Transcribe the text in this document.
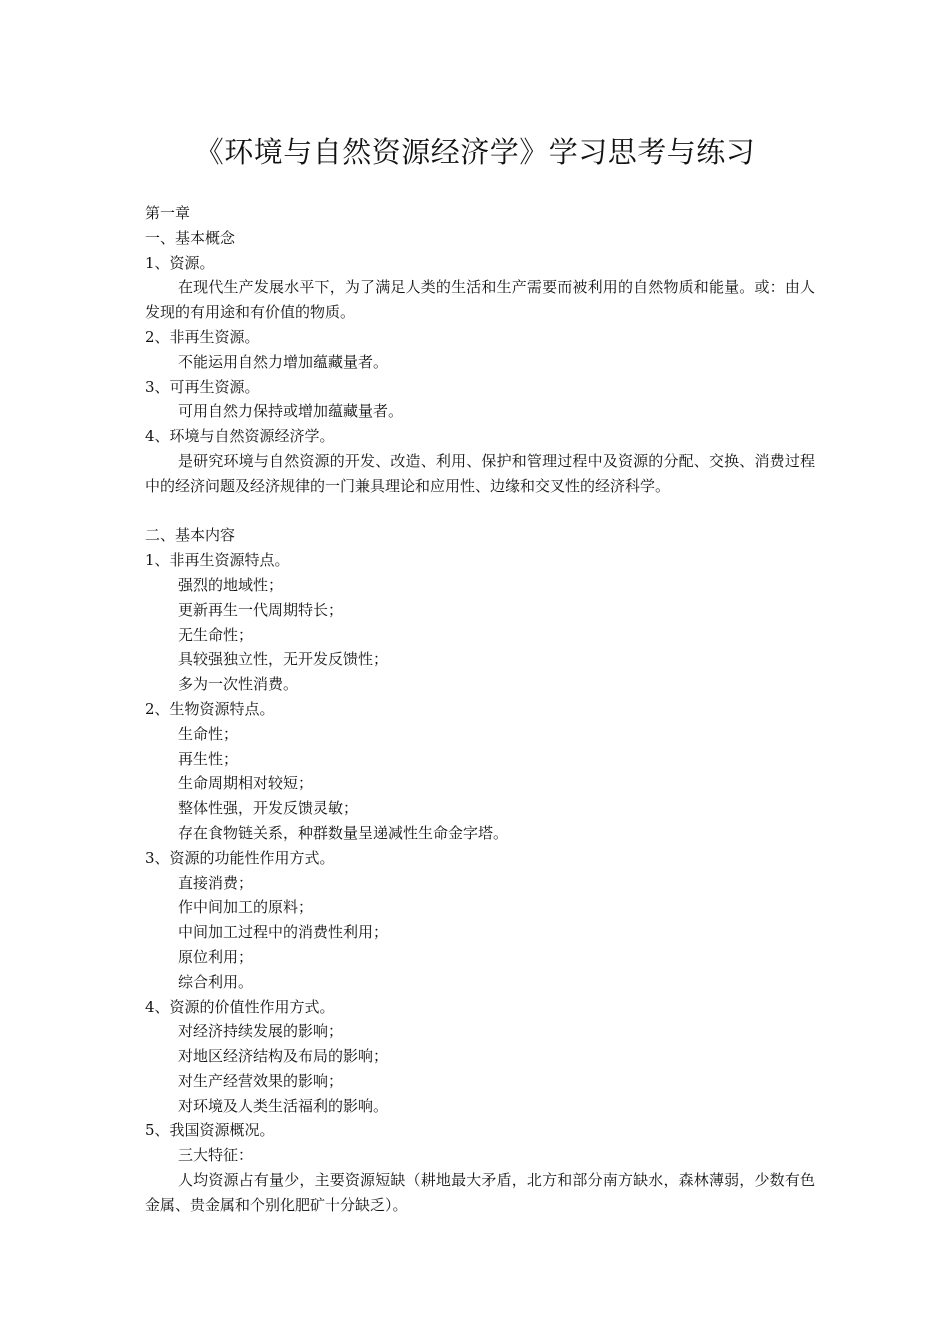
《环境与自然资源经济学》学习思考与练习
第一章
一、基本概念
1、资源。
在现代生产发展水平下，为了满足人类的生活和生产需要而被利用的自然物质和能量。或：由人发现的有用途和有价值的物质。
2、非再生资源。
不能运用自然力增加蕴藏量者。
3、可再生资源。
可用自然力保持或增加蕴藏量者。
4、环境与自然资源经济学。
是研究环境与自然资源的开发、改造、利用、保护和管理过程中及资源的分配、交换、消费过程中的经济问题及经济规律的一门兼具理论和应用性、边缘和交叉性的经济科学。
二、基本内容
1、非再生资源特点。
强烈的地域性；
更新再生一代周期特长；
无生命性；
具较强独立性，无开发反馈性；
多为一次性消费。
2、生物资源特点。
生命性；
再生性；
生命周期相对较短；
整体性强，开发反馈灵敏；
存在食物链关系，种群数量呈递减性生命金字塔。
3、资源的功能性作用方式。
直接消费；
作中间加工的原料；
中间加工过程中的消费性利用；
原位利用；
综合利用。
4、资源的价值性作用方式。
对经济持续发展的影响；
对地区经济结构及布局的影响；
对生产经营效果的影响；
对环境及人类生活福利的影响。
5、我国资源概况。
三大特征：
人均资源占有量少，主要资源短缺（耕地最大矛盾，北方和部分南方缺水，森林薄弱，少数有色金属、贵金属和个别化肥矿十分缺乏）。
